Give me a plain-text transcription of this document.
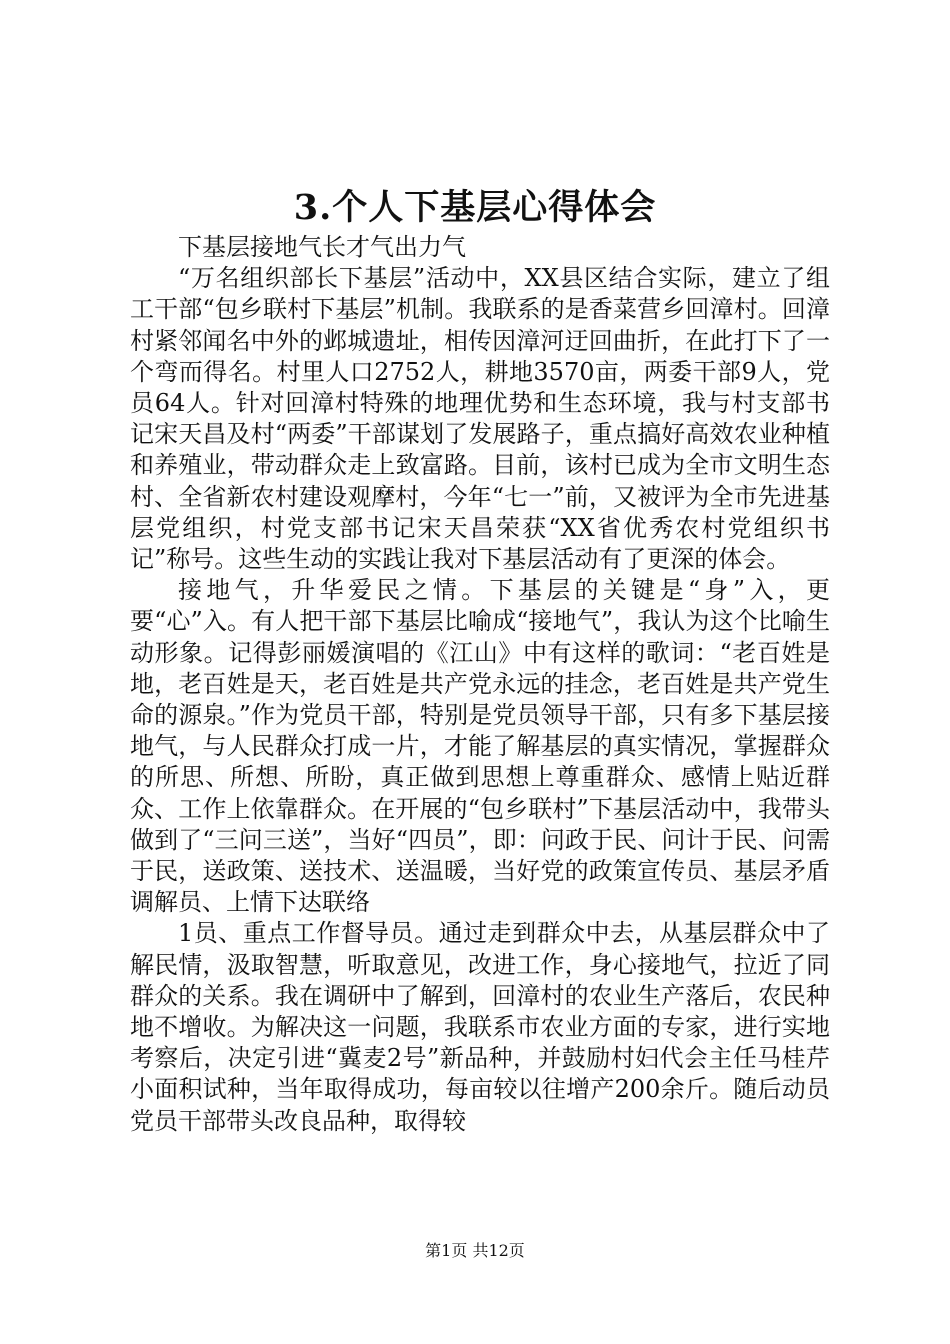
3.个人下基层心得体会

下基层接地气长才气出力气

“万名组织部长下基层”活动中，XX县区结合实际，建立了组工干部“包乡联村下基层”机制。我联系的是香菜营乡回漳村。回漳村紧邻闻名中外的邺城遗址，相传因漳河迂回曲折，在此打下了一个弯而得名。村里人口2752人，耕地3570亩，两委干部9人，党员64人。针对回漳村特殊的地理优势和生态环境，我与村支部书记宋天昌及村“两委”干部谋划了发展路子，重点搞好高效农业种植和养殖业，带动群众走上致富路。目前，该村已成为全市文明生态村、全省新农村建设观摩村，今年“七一”前，又被评为全市先进基层党组织，村党支部书记宋天昌荣获“XX省优秀农村党组织书记”称号。这些生动的实践让我对下基层活动有了更深的体会。

接地气，升华爱民之情。下基层的关键是“身”入，更要“心”入。有人把干部下基层比喻成“接地气”，我认为这个比喻生动形象。记得彭丽媛演唱的《江山》中有这样的歌词：“老百姓是地，老百姓是天，老百姓是共产党永远的挂念，老百姓是共产党生命的源泉。”作为党员干部，特别是党员领导干部，只有多下基层接地气，与人民群众打成一片，才能了解基层的真实情况，掌握群众的所思、所想、所盼，真正做到思想上尊重群众、感情上贴近群众、工作上依靠群众。在开展的“包乡联村”下基层活动中，我带头做到了“三问三送”，当好“四员”，即：问政于民、问计于民、问需于民，送政策、送技术、送温暖，当好党的政策宣传员、基层矛盾调解员、上情下达联络

1员、重点工作督导员。通过走到群众中去，从基层群众中了解民情，汲取智慧，听取意见，改进工作，身心接地气，拉近了同群众的关系。我在调研中了解到，回漳村的农业生产落后，农民种地不增收。为解决这一问题，我联系市农业方面的专家，进行实地考察后，决定引进“冀麦2号”新品种，并鼓励村妇代会主任马桂芹小面积试种，当年取得成功，每亩较以往增产200余斤。随后动员党员干部带头改良品种，取得较

第1页 共12页
